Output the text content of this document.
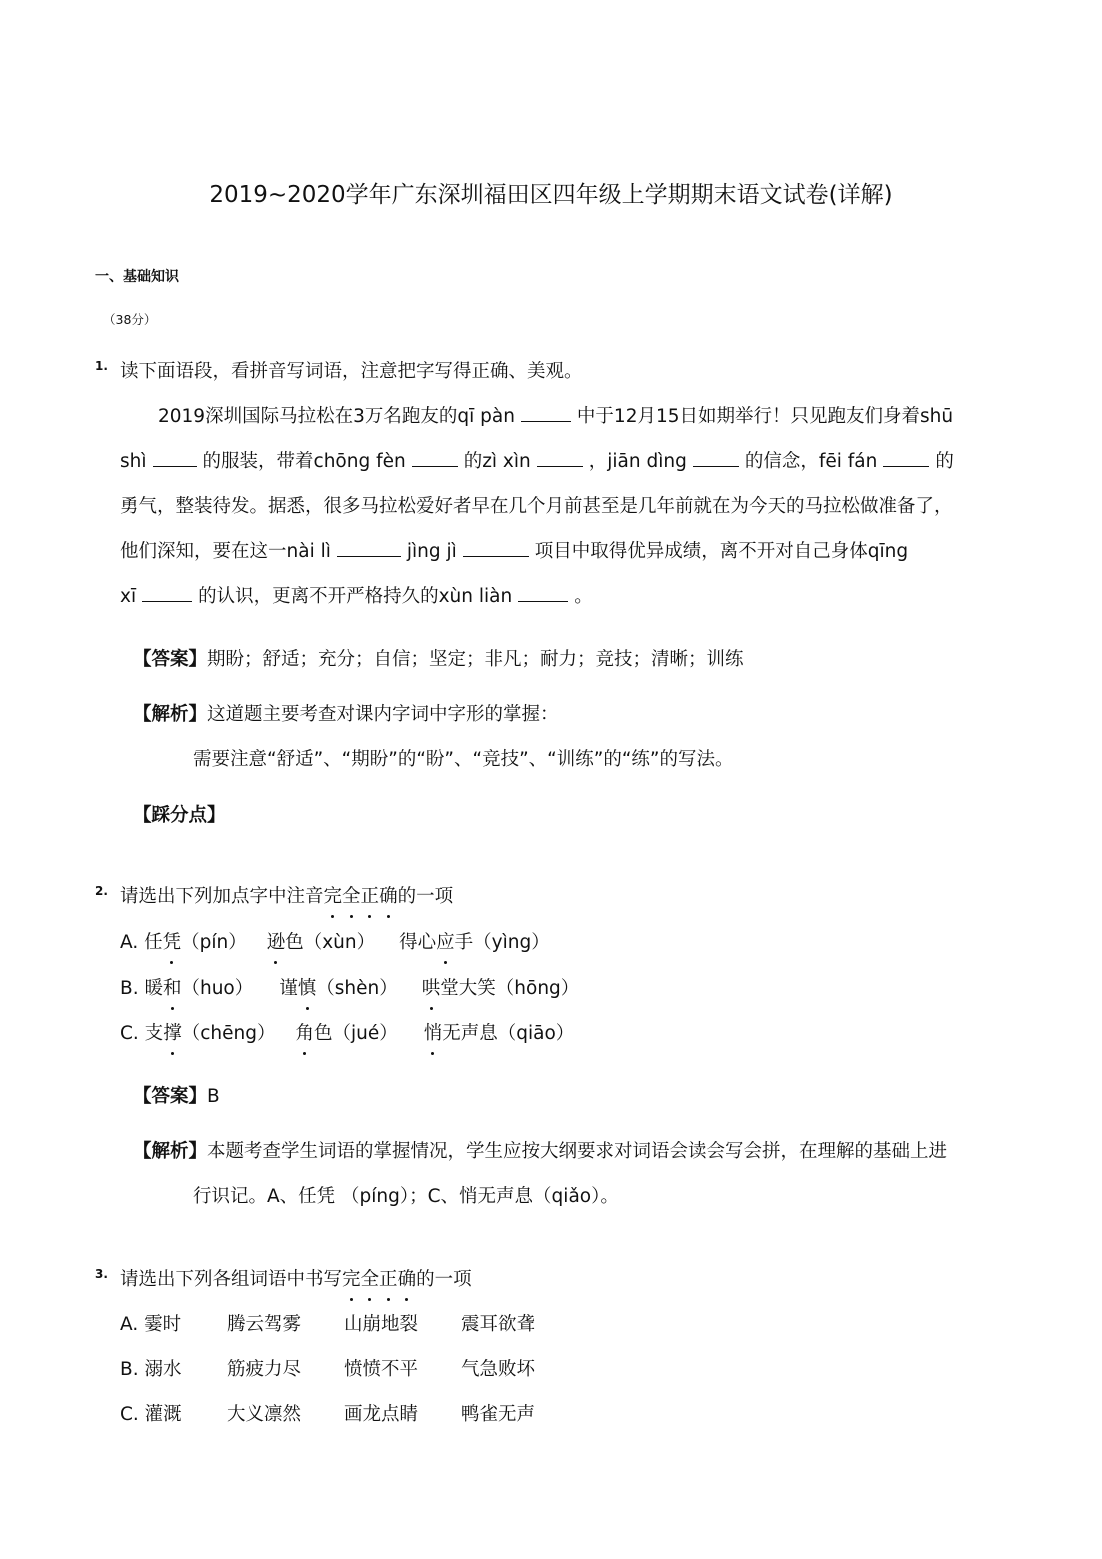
2019~2020学年广东深圳福田区四年级上学期期末语文试卷(详解)
一、基础知识
（38分）
1. 读下面语段，看拼音写词语，注意把字写得正确、美观。
2019深圳国际马拉松在3万名跑友的qī pàn	中于12月15日如期举行！只见跑友们身着shū
shì	的服装，带着chōng fèn	的zì xìn	，jiān dìng	的信念，fēi fán	的
勇气，整装待发。据悉，很多马拉松爱好者早在几个月前甚至是几年前就在为今天的马拉松做准备了，
他们深知，要在这一nài lì	jìng jì	项目中取得优异成绩，离不开对自己身体qīng
xī	的认识，更离不开严格持久的xùn liàn	。
【答案】期盼；舒适；充分；自信；坚定；非凡；耐力；竞技；清晰；训练
【解析】这道题主要考查对课内字词中字形的掌握：
需要注意“舒适”、“期盼”的“盼”、“竞技”、“训练”的“练”的写法。
【踩分点】
2. 请选出下列加点字中注音完全正确的一项
A. 任凭（pín） 逊色（xùn） 得心应手（yìng）
B. 暖和（huo） 谨慎（shèn） 哄堂大笑（hōng）
C. 支撑（chēng） 角色（jué） 悄无声息（qiāo）
【答案】B
【解析】本题考查学生词语的掌握情况，学生应按大纲要求对词语会读会写会拼，在理解的基础上进
行识记。A、任凭 （píng）；C、悄无声息（qiǎo）。
3. 请选出下列各组词语中书写完全正确的一项
A. 霎时 腾云驾雾 山崩地裂 震耳欲聋
B. 溺水 筋疲力尽 愤愤不平 气急败坏
C. 灌溉 大义凛然 画龙点睛 鸭雀无声
